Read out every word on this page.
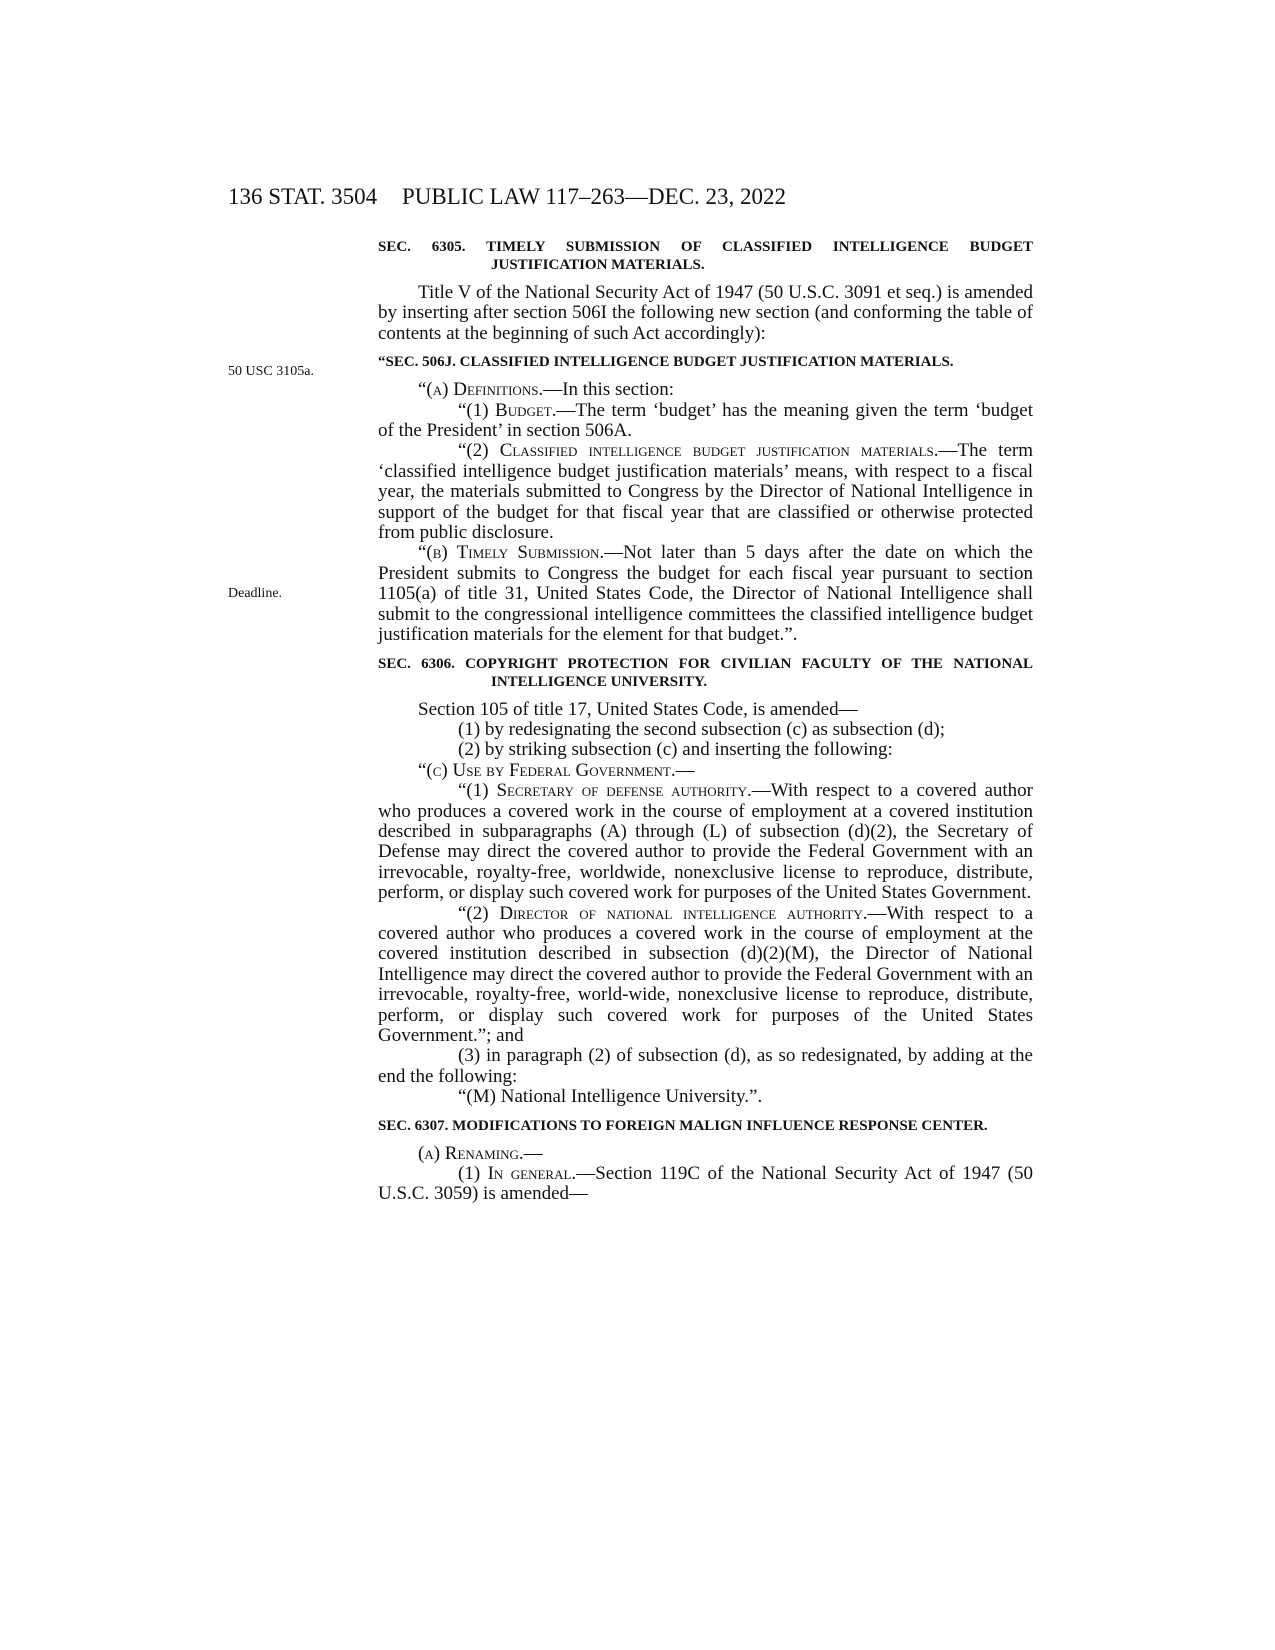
136 STAT. 3504 PUBLIC LAW 117–263—DEC. 23, 2022
50 USC 3105a.
Deadline.

SEC. 6305. TIMELY SUBMISSION OF CLASSIFIED INTELLIGENCE BUDGET JUSTIFICATION MATERIALS.

Title V of the National Security Act of 1947 (50 U.S.C. 3091 et seq.) is amended by inserting after section 506I the following new section (and conforming the table of contents at the beginning of such Act accordingly):

“SEC. 506J. CLASSIFIED INTELLIGENCE BUDGET JUSTIFICATION MATERIALS.

“(a) Definitions.—In this section:

“(1) Budget.—The term ‘budget’ has the meaning given the term ‘budget of the President’ in section 506A.

“(2) Classified intelligence budget justification materials.—The term ‘classified intelligence budget justification materials’ means, with respect to a fiscal year, the materials submitted to Congress by the Director of National Intelligence in support of the budget for that fiscal year that are classified or otherwise protected from public disclosure.

“(b) Timely Submission.—Not later than 5 days after the date on which the President submits to Congress the budget for each fiscal year pursuant to section 1105(a) of title 31, United States Code, the Director of National Intelligence shall submit to the congressional intelligence committees the classified intelligence budget justification materials for the element for that budget.”.

SEC. 6306. COPYRIGHT PROTECTION FOR CIVILIAN FACULTY OF THE NATIONAL INTELLIGENCE UNIVERSITY.

Section 105 of title 17, United States Code, is amended—

(1) by redesignating the second subsection (c) as subsection (d);

(2) by striking subsection (c) and inserting the following:

“(c) Use by Federal Government.—

“(1) Secretary of defense authority.—With respect to a covered author who produces a covered work in the course of employment at a covered institution described in subparagraphs (A) through (L) of subsection (d)(2), the Secretary of Defense may direct the covered author to provide the Federal Government with an irrevocable, royalty-free, worldwide, nonexclusive license to reproduce, distribute, perform, or display such covered work for purposes of the United States Government.

“(2) Director of national intelligence authority.—With respect to a covered author who produces a covered work in the course of employment at the covered institution described in subsection (d)(2)(M), the Director of National Intelligence may direct the covered author to provide the Federal Government with an irrevocable, royalty-free, world-wide, nonexclusive license to reproduce, distribute, perform, or display such covered work for purposes of the United States Government.”; and

(3) in paragraph (2) of subsection (d), as so redesignated, by adding at the end the following:

“(M) National Intelligence University.”.

SEC. 6307. MODIFICATIONS TO FOREIGN MALIGN INFLUENCE RESPONSE CENTER.

(a) Renaming.—

(1) In general.—Section 119C of the National Security Act of 1947 (50 U.S.C. 3059) is amended—
